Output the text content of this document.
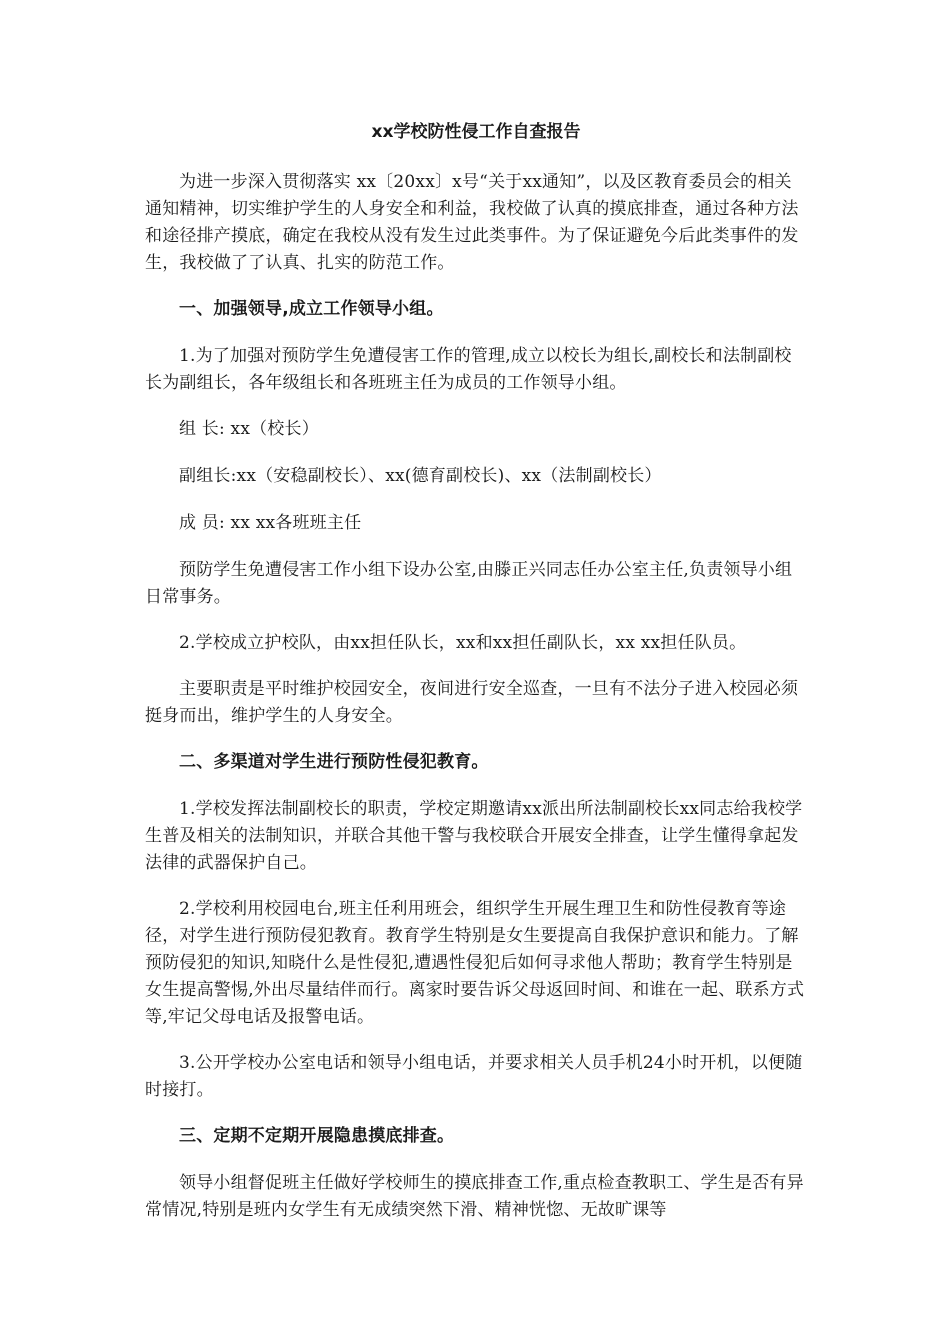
xx学校防性侵工作自查报告

为进一步深入贯彻落实 xx〔20xx〕x号“关于xx通知”，以及区教育委员会的相关通知精神，切实维护学生的人身安全和利益，我校做了认真的摸底排查，通过各种方法和途径排产摸底，确定在我校从没有发生过此类事件。为了保证避免今后此类事件的发生，我校做了了认真、扎实的防范工作。

一、加强领导,成立工作领导小组。

1.为了加强对预防学生免遭侵害工作的管理,成立以校长为组长,副校长和法制副校长为副组长，各年级组长和各班班主任为成员的工作领导小组。

组 长: xx（校长）

副组长:xx（安稳副校长）、xx(德育副校长)、xx（法制副校长）

成 员: xx xx各班班主任

预防学生免遭侵害工作小组下设办公室,由滕正兴同志任办公室主任,负责领导小组日常事务。

2.学校成立护校队，由xx担任队长，xx和xx担任副队长，xx xx担任队员。

主要职责是平时维护校园安全，夜间进行安全巡查，一旦有不法分子进入校园必须挺身而出，维护学生的人身安全。

二、多渠道对学生进行预防性侵犯教育。

1.学校发挥法制副校长的职责，学校定期邀请xx派出所法制副校长xx同志给我校学生普及相关的法制知识，并联合其他干警与我校联合开展安全排查，让学生懂得拿起发法律的武器保护自己。

2.学校利用校园电台,班主任利用班会，组织学生开展生理卫生和防性侵教育等途径，对学生进行预防侵犯教育。教育学生特别是女生要提高自我保护意识和能力。了解预防侵犯的知识,知晓什么是性侵犯,遭遇性侵犯后如何寻求他人帮助；教育学生特别是女生提高警惕,外出尽量结伴而行。离家时要告诉父母返回时间、和谁在一起、联系方式等,牢记父母电话及报警电话。

3.公开学校办公室电话和领导小组电话，并要求相关人员手机24小时开机，以便随时接打。

三、定期不定期开展隐患摸底排查。

领导小组督促班主任做好学校师生的摸底排查工作,重点检查教职工、学生是否有异常情况,特别是班内女学生有无成绩突然下滑、精神恍惚、无故旷课等
